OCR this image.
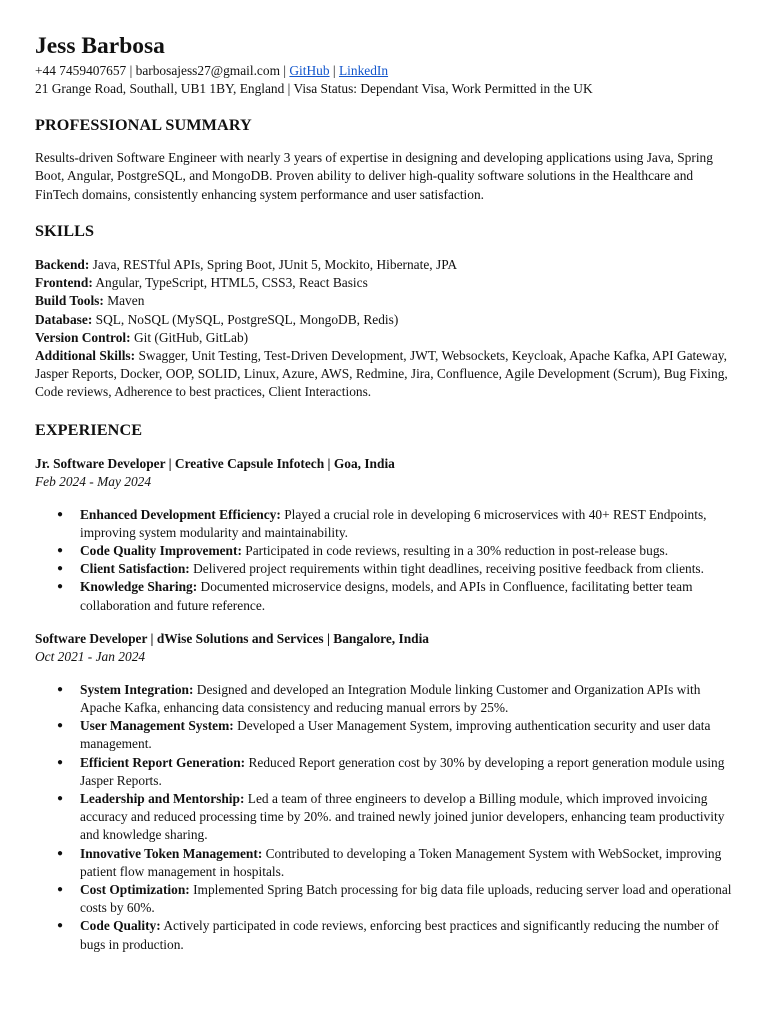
Jess Barbosa
+44 7459407657 | barbosajess27@gmail.com | GitHub | LinkedIn
21 Grange Road, Southall, UB1 1BY, England | Visa Status: Dependant Visa, Work Permitted in the UK
PROFESSIONAL SUMMARY

Results-driven Software Engineer with nearly 3 years of expertise in designing and developing applications using Java, Spring Boot, Angular, PostgreSQL, and MongoDB. Proven ability to deliver high-quality software solutions in the Healthcare and FinTech domains, consistently enhancing system performance and user satisfaction.

SKILLS
Backend: Java, RESTful APIs, Spring Boot, JUnit 5, Mockito, Hibernate, JPA
Frontend: Angular, TypeScript, HTML5, CSS3, React Basics
Build Tools: Maven
Database: SQL, NoSQL (MySQL, PostgreSQL, MongoDB, Redis)
Version Control: Git (GitHub, GitLab)
Additional Skills: Swagger, Unit Testing, Test-Driven Development, JWT, Websockets, Keycloak, Apache Kafka, API Gateway, Jasper Reports, Docker, OOP, SOLID, Linux, Azure, AWS, Redmine, Jira, Confluence, Agile Development (Scrum), Bug Fixing, Code reviews, Adherence to best practices, Client Interactions.
EXPERIENCE
Jr. Software Developer | Creative Capsule Infotech | Goa, India
Feb 2024 - May 2024
● Enhanced Development Efficiency: Played a crucial role in developing 6 microservices with 40+ REST Endpoints, improving system modularity and maintainability.
● Code Quality Improvement: Participated in code reviews, resulting in a 30% reduction in post-release bugs.
● Client Satisfaction: Delivered project requirements within tight deadlines, receiving positive feedback from clients.
● Knowledge Sharing: Documented microservice designs, models, and APIs in Confluence, facilitating better team collaboration and future reference.
Software Developer | dWise Solutions and Services | Bangalore, India
Oct 2021 - Jan 2024
● System Integration: Designed and developed an Integration Module linking Customer and Organization APIs with Apache Kafka, enhancing data consistency and reducing manual errors by 25%.
● User Management System: Developed a User Management System, improving authentication security and user data management.
● Efficient Report Generation: Reduced Report generation cost by 30% by developing a report generation module using Jasper Reports.
● Leadership and Mentorship: Led a team of three engineers to develop a Billing module, which improved invoicing accuracy and reduced processing time by 20%. and trained newly joined junior developers, enhancing team productivity and knowledge sharing.
● Innovative Token Management: Contributed to developing a Token Management System with WebSocket, improving patient flow management in hospitals.
● Cost Optimization: Implemented Spring Batch processing for big data file uploads, reducing server load and operational costs by 60%.
● Code Quality: Actively participated in code reviews, enforcing best practices and significantly reducing the number of bugs in production.
